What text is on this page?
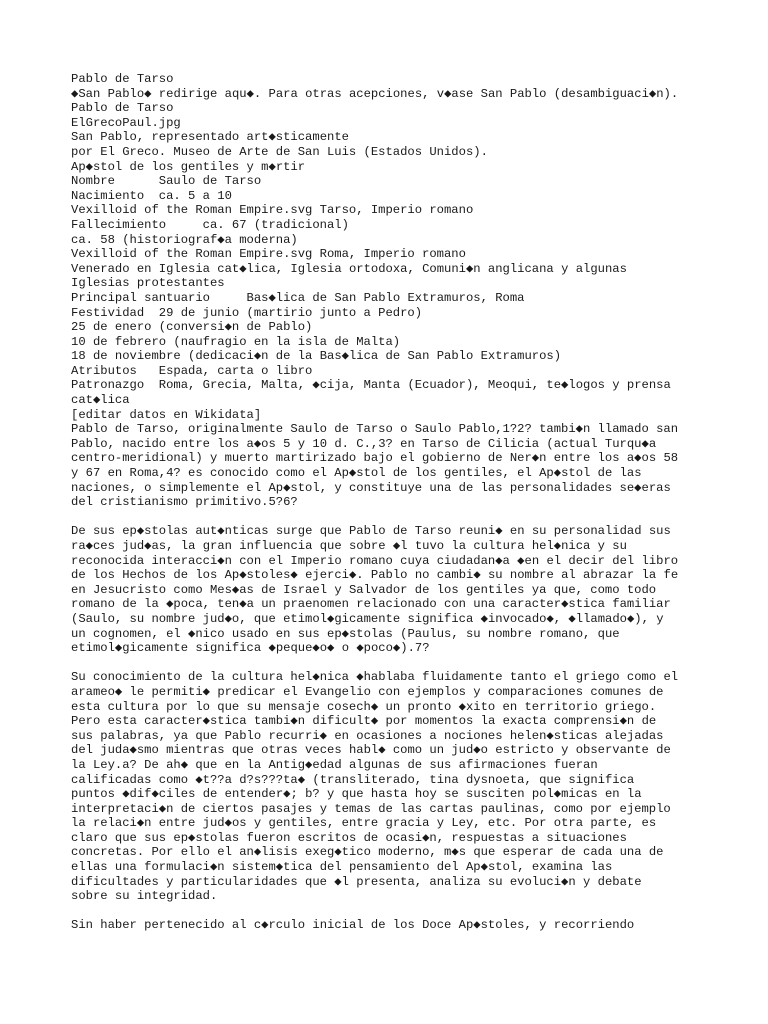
Pablo de Tarso
◆San Pablo◆ redirige aqu◆. Para otras acepciones, v◆ase San Pablo (desambiguaci◆n).
Pablo de Tarso
ElGrecoPaul.jpg
San Pablo, representado art◆sticamente
por El Greco. Museo de Arte de San Luis (Estados Unidos).
Ap◆stol de los gentiles y m◆rtir
Nombre      Saulo de Tarso
Nacimiento  ca. 5 a 10
Vexilloid of the Roman Empire.svg Tarso, Imperio romano
Fallecimiento     ca. 67 (tradicional)
ca. 58 (historiograf◆a moderna)
Vexilloid of the Roman Empire.svg Roma, Imperio romano
Venerado en Iglesia cat◆lica, Iglesia ortodoxa, Comuni◆n anglicana y algunas
Iglesias protestantes
Principal santuario     Bas◆lica de San Pablo Extramuros, Roma
Festividad  29 de junio (martirio junto a Pedro)
25 de enero (conversi◆n de Pablo)
10 de febrero (naufragio en la isla de Malta)
18 de noviembre (dedicaci◆n de la Bas◆lica de San Pablo Extramuros)
Atributos   Espada, carta o libro
Patronazgo  Roma, Grecia, Malta, ◆cija, Manta (Ecuador), Meoqui, te◆logos y prensa
cat◆lica
[editar datos en Wikidata]
Pablo de Tarso, originalmente Saulo de Tarso o Saulo Pablo,1?2? tambi◆n llamado san
Pablo, nacido entre los a◆os 5 y 10 d. C.,3? en Tarso de Cilicia (actual Turqu◆a
centro-meridional) y muerto martirizado bajo el gobierno de Ner◆n entre los a◆os 58
y 67 en Roma,4? es conocido como el Ap◆stol de los gentiles, el Ap◆stol de las
naciones, o simplemente el Ap◆stol, y constituye una de las personalidades se◆eras
del cristianismo primitivo.5?6?
De sus ep◆stolas aut◆nticas surge que Pablo de Tarso reuni◆ en su personalidad sus
ra◆ces jud◆as, la gran influencia que sobre ◆l tuvo la cultura hel◆nica y su
reconocida interacci◆n con el Imperio romano cuya ciudadan◆a ◆en el decir del libro
de los Hechos de los Ap◆stoles◆ ejerci◆. Pablo no cambi◆ su nombre al abrazar la fe
en Jesucristo como Mes◆as de Israel y Salvador de los gentiles ya que, como todo
romano de la ◆poca, ten◆a un praenomen relacionado con una caracter◆stica familiar
(Saulo, su nombre jud◆o, que etimol◆gicamente significa ◆invocado◆, ◆llamado◆), y
un cognomen, el ◆nico usado en sus ep◆stolas (Paulus, su nombre romano, que
etimol◆gicamente significa ◆peque◆o◆ o ◆poco◆).7?
Su conocimiento de la cultura hel◆nica ◆hablaba fluidamente tanto el griego como el
arameo◆ le permiti◆ predicar el Evangelio con ejemplos y comparaciones comunes de
esta cultura por lo que su mensaje cosech◆ un pronto ◆xito en territorio griego.
Pero esta caracter◆stica tambi◆n dificult◆ por momentos la exacta comprensi◆n de
sus palabras, ya que Pablo recurri◆ en ocasiones a nociones helen◆sticas alejadas
del juda◆smo mientras que otras veces habl◆ como un jud◆o estricto y observante de
la Ley.a? De ah◆ que en la Antig◆edad algunas de sus afirmaciones fueran
calificadas como ◆t??a d?s???ta◆ (transliterado, tina dysnoeta, que significa
puntos ◆dif◆ciles de entender◆; b? y que hasta hoy se susciten pol◆micas en la
interpretaci◆n de ciertos pasajes y temas de las cartas paulinas, como por ejemplo
la relaci◆n entre jud◆os y gentiles, entre gracia y Ley, etc. Por otra parte, es
claro que sus ep◆stolas fueron escritos de ocasi◆n, respuestas a situaciones
concretas. Por ello el an◆lisis exeg◆tico moderno, m◆s que esperar de cada una de
ellas una formulaci◆n sistem◆tica del pensamiento del Ap◆stol, examina las
dificultades y particularidades que ◆l presenta, analiza su evoluci◆n y debate
sobre su integridad.
Sin haber pertenecido al c◆rculo inicial de los Doce Ap◆stoles, y recorriendo
